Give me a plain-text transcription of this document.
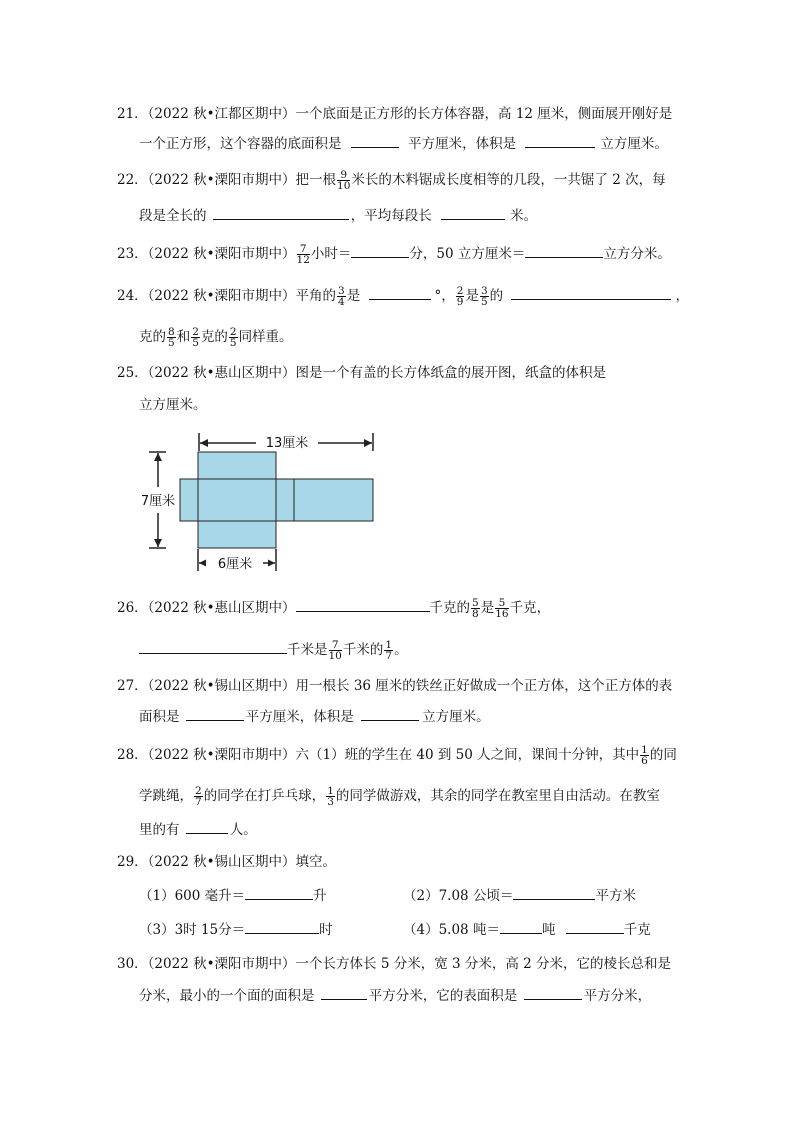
21．（2022 秋•江都区期中）一个底面是正方形的长方体容器，高 12 厘米，侧面展开刚好是
一个正方形，这个容器的底面积是	平方厘米，体积是	立方厘米。
22．（2022 秋•溧阳市期中）把一根 $\frac{9}{10}$ 米长的木料锯成长度相等的几段，一共锯了 2 次，每
段是全长的	，平均每段长	米。
23．（2022 秋•溧阳市期中） $\frac{7}{12}$ 小时＝	分，50 立方厘米＝	立方分米。
24．（2022 秋•溧阳市期中）平角的 $\frac{3}{4}$ 是	°， $\frac{2}{9}$ 是 $\frac{3}{5}$ 的	，
克的 $\frac{8}{5}$ 和 $\frac{2}{5}$ 克的 $\frac{2}{5}$ 同样重。
25．（2022 秋•惠山区期中）图是一个有盖的长方体纸盒的展开图，纸盒的体积是
立方厘米。
13厘米
7厘米
6厘米
26．（2022 秋•惠山区期中）	千克的 $\frac{5}{8}$ 是 $\frac{5}{16}$ 千克，
千米是 $\frac{7}{10}$ 千米的 $\frac{1}{7}$ 。
27．（2022 秋•锡山区期中）用一根长 36 厘米的铁丝正好做成一个正方体，这个正方体的表
面积是	平方厘米，体积是	立方厘米。
28．（2022 秋•溧阳市期中）六（1）班的学生在 40 到 50 人之间，课间十分钟，其中 $\frac{1}{6}$ 的同
学跳绳， $\frac{2}{7}$ 的同学在打乒乓球， $\frac{1}{3}$ 的同学做游戏，其余的同学在教室里自由活动。在教室
里的有	人。
29．（2022 秋•锡山区期中）填空。
（1）600 毫升＝	升	（2）7.08 公顷＝	平方米
（3）3时 15分＝	时	（4）5.08 吨＝	吨	千克
30．（2022 秋•溧阳市期中）一个长方体长 5 分米，宽 3 分米，高 2 分米，它的棱长总和是
分米，最小的一个面的面积是	平方分米，它的表面积是	平方分米，
